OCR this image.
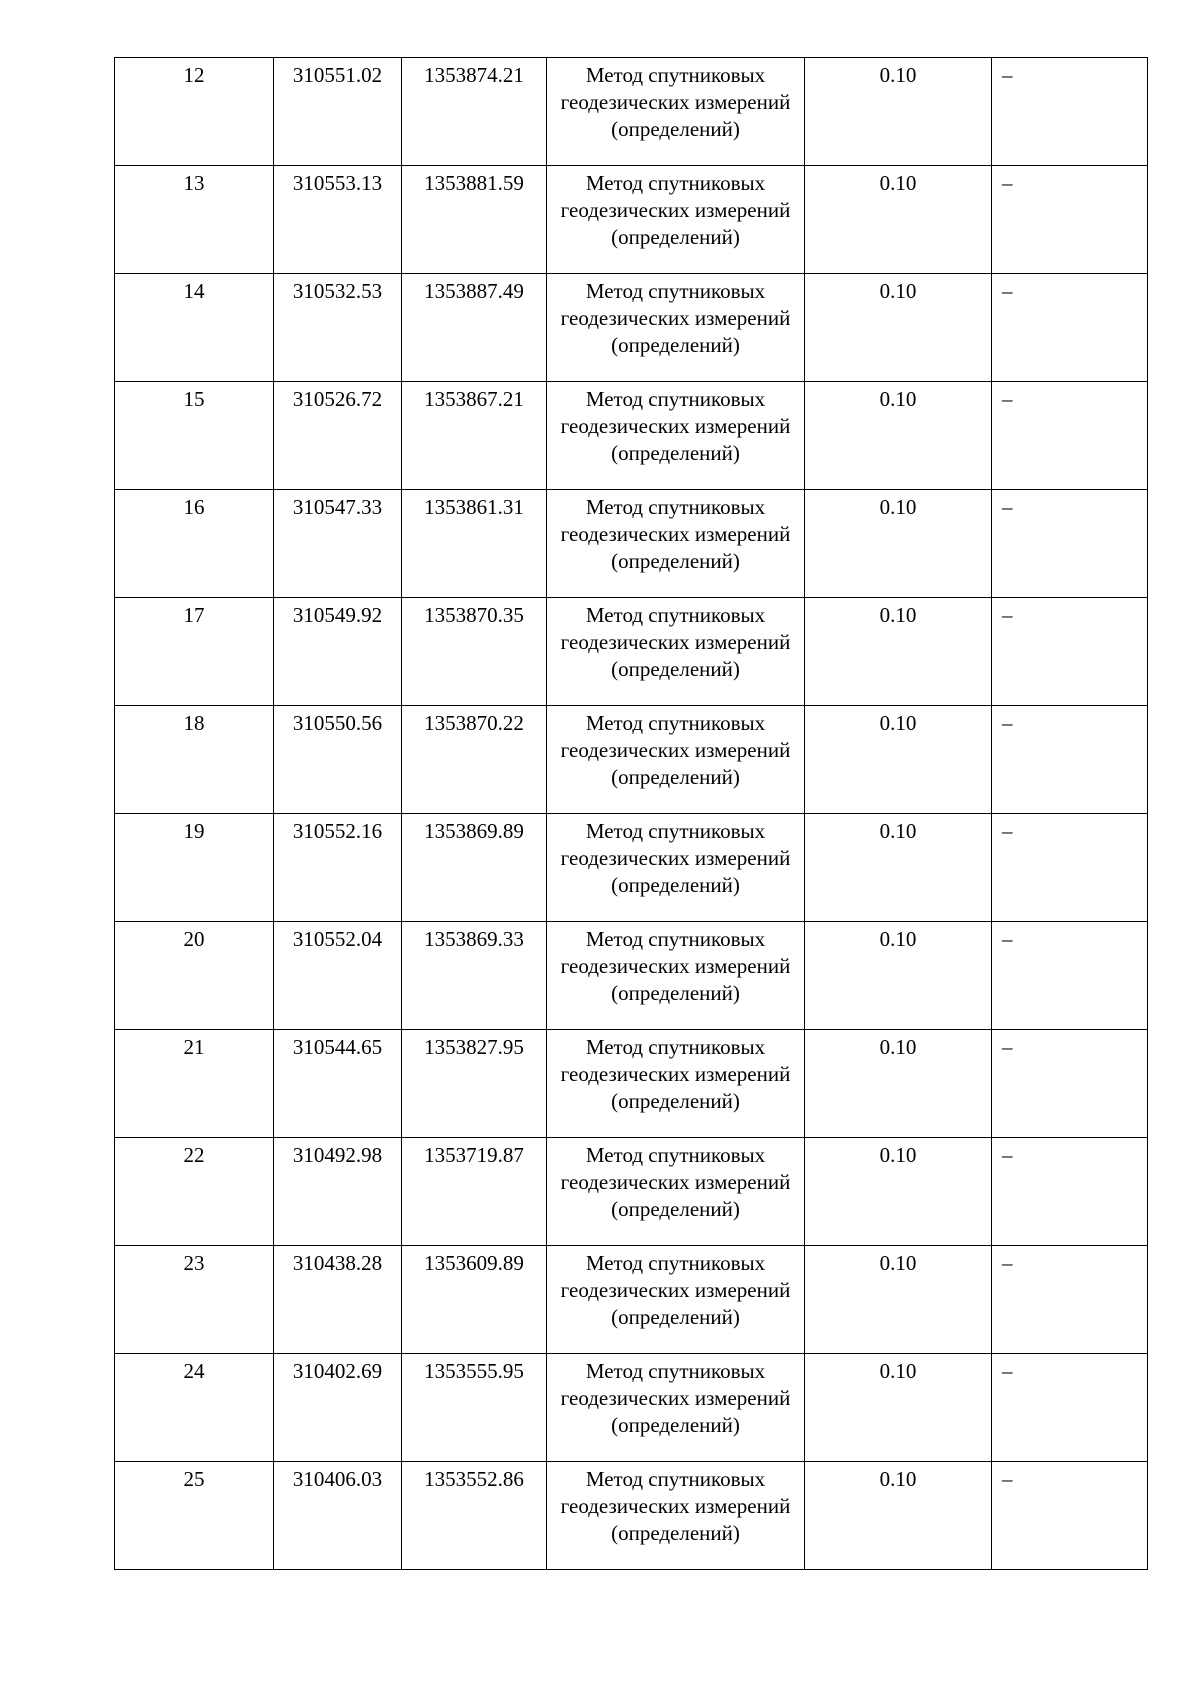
12	310551.02	1353874.21	Метод спутниковых геодезических измерений (определений)	0.10	–
13	310553.13	1353881.59	Метод спутниковых геодезических измерений (определений)	0.10	–
14	310532.53	1353887.49	Метод спутниковых геодезических измерений (определений)	0.10	–
15	310526.72	1353867.21	Метод спутниковых геодезических измерений (определений)	0.10	–
16	310547.33	1353861.31	Метод спутниковых геодезических измерений (определений)	0.10	–
17	310549.92	1353870.35	Метод спутниковых геодезических измерений (определений)	0.10	–
18	310550.56	1353870.22	Метод спутниковых геодезических измерений (определений)	0.10	–
19	310552.16	1353869.89	Метод спутниковых геодезических измерений (определений)	0.10	–
20	310552.04	1353869.33	Метод спутниковых геодезических измерений (определений)	0.10	–
21	310544.65	1353827.95	Метод спутниковых геодезических измерений (определений)	0.10	–
22	310492.98	1353719.87	Метод спутниковых геодезических измерений (определений)	0.10	–
23	310438.28	1353609.89	Метод спутниковых геодезических измерений (определений)	0.10	–
24	310402.69	1353555.95	Метод спутниковых геодезических измерений (определений)	0.10	–
25	310406.03	1353552.86	Метод спутниковых геодезических измерений (определений)	0.10	–
